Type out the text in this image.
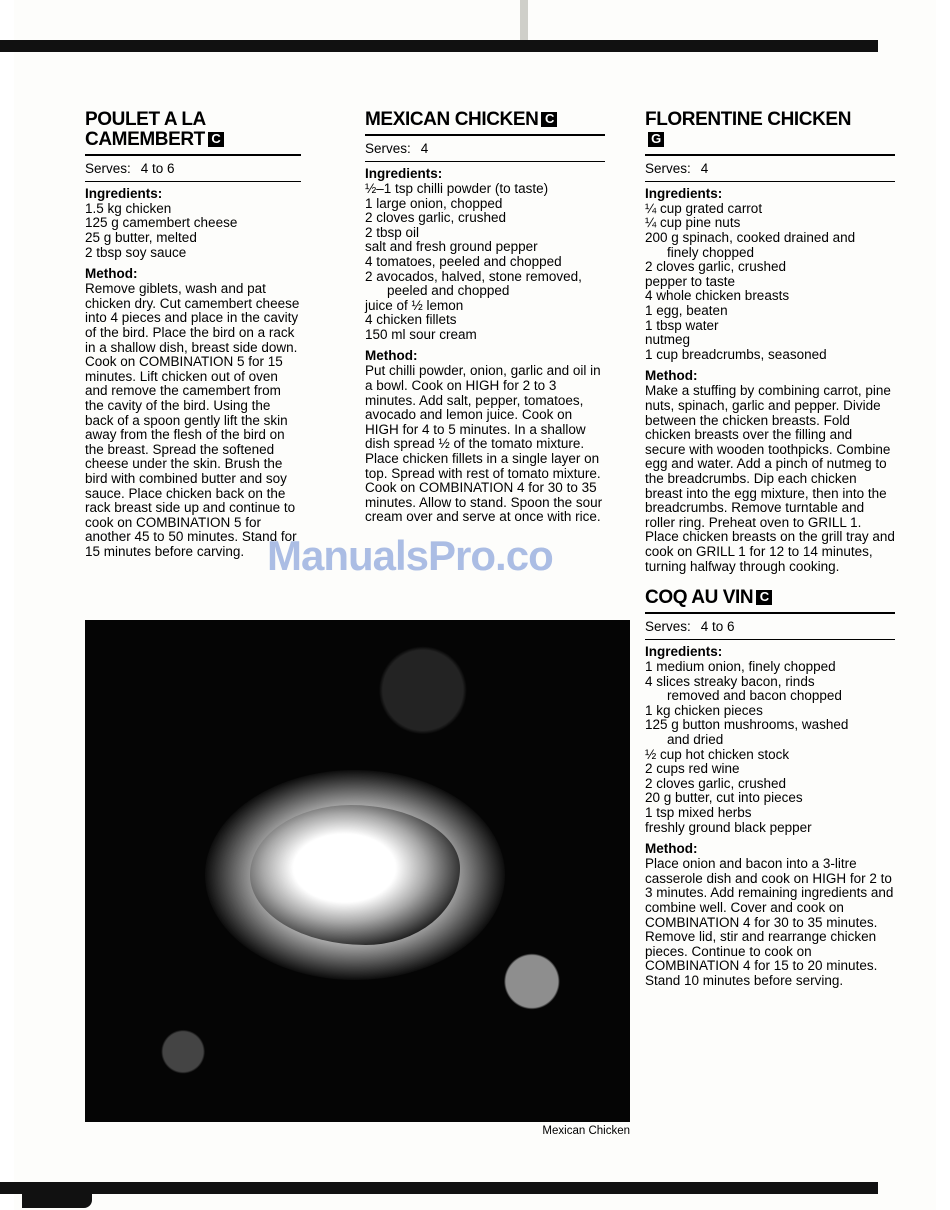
POULET A LA CAMEMBERT C
Serves: 4 to 6
Ingredients:
1.5 kg chicken
125 g camembert cheese
25 g butter, melted
2 tbsp soy sauce
Method:

Remove giblets, wash and pat chicken dry. Cut camembert cheese into 4 pieces and place in the cavity of the bird. Place the bird on a rack in a shallow dish, breast side down. Cook on COMBINATION 5 for 15 minutes. Lift chicken out of oven and remove the camembert from the cavity of the bird. Using the back of a spoon gently lift the skin away from the flesh of the bird on the breast. Spread the softened cheese under the skin. Brush the bird with combined butter and soy sauce. Place chicken back on the rack breast side up and continue to cook on COMBINATION 5 for another 45 to 50 minutes. Stand for 15 minutes before carving.

MEXICAN CHICKEN C
Serves: 4
Ingredients:
½–1 tsp chilli powder (to taste)
1 large onion, chopped
2 cloves garlic, crushed
2 tbsp oil
salt and fresh ground pepper
4 tomatoes, peeled and chopped
2 avocados, halved, stone removed,
peeled and chopped
juice of ½ lemon
4 chicken fillets
150 ml sour cream
Method:

Put chilli powder, onion, garlic and oil in a bowl. Cook on HIGH for 2 to 3 minutes. Add salt, pepper, tomatoes, avocado and lemon juice. Cook on HIGH for 4 to 5 minutes. In a shallow dish spread ½ of the tomato mixture. Place chicken fillets in a single layer on top. Spread with rest of tomato mixture. Cook on COMBINATION 4 for 30 to 35 minutes. Allow to stand. Spoon the sour cream over and serve at once with rice.

FLORENTINE CHICKEN
G
Serves: 4
Ingredients:
¼ cup grated carrot
¼ cup pine nuts
200 g spinach, cooked drained and
finely chopped
2 cloves garlic, crushed
pepper to taste
4 whole chicken breasts
1 egg, beaten
1 tbsp water
nutmeg
1 cup breadcrumbs, seasoned
Method:

Make a stuffing by combining carrot, pine nuts, spinach, garlic and pepper. Divide between the chicken breasts. Fold chicken breasts over the filling and secure with wooden toothpicks. Combine egg and water. Add a pinch of nutmeg to the breadcrumbs. Dip each chicken breast into the egg mixture, then into the breadcrumbs. Remove turntable and roller ring. Preheat oven to GRILL 1. Place chicken breasts on the grill tray and cook on GRILL 1 for 12 to 14 minutes, turning halfway through cooking.

COQ AU VIN C
Serves: 4 to 6
Ingredients:
1 medium onion, finely chopped
4 slices streaky bacon, rinds
removed and bacon chopped
1 kg chicken pieces
125 g button mushrooms, washed
and dried
½ cup hot chicken stock
2 cups red wine
2 cloves garlic, crushed
20 g butter, cut into pieces
1 tsp mixed herbs
freshly ground black pepper
Method:

Place onion and bacon into a 3-litre casserole dish and cook on HIGH for 2 to 3 minutes. Add remaining ingredients and combine well. Cover and cook on COMBINATION 4 for 30 to 35 minutes. Remove lid, stir and rearrange chicken pieces. Continue to cook on COMBINATION 4 for 15 to 20 minutes. Stand 10 minutes before serving.

Mexican Chicken
ManualsPro.co
